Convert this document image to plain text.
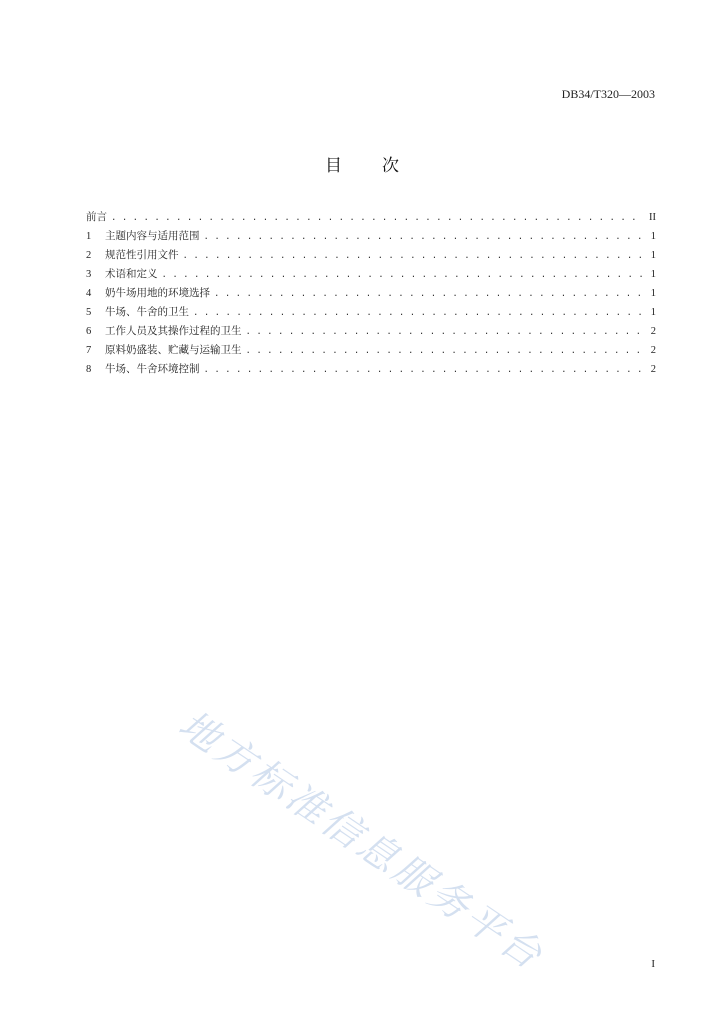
DB34/T320—2003
目 次
前言 . . .	II
1	主题内容与适用范围 . . .	1
2	规范性引用文件 . . .	1
3	术语和定义 . . .	1
4	奶牛场用地的环境选择 . . .	1
5	牛场、牛舍的卫生 . . .	1
6	工作人员及其操作过程的卫生 . . .	2
7	原料奶盛装、贮藏与运输卫生 . . .	2
8	牛场、牛舍环境控制 . . .	2
地方标准信息服务平台	I
